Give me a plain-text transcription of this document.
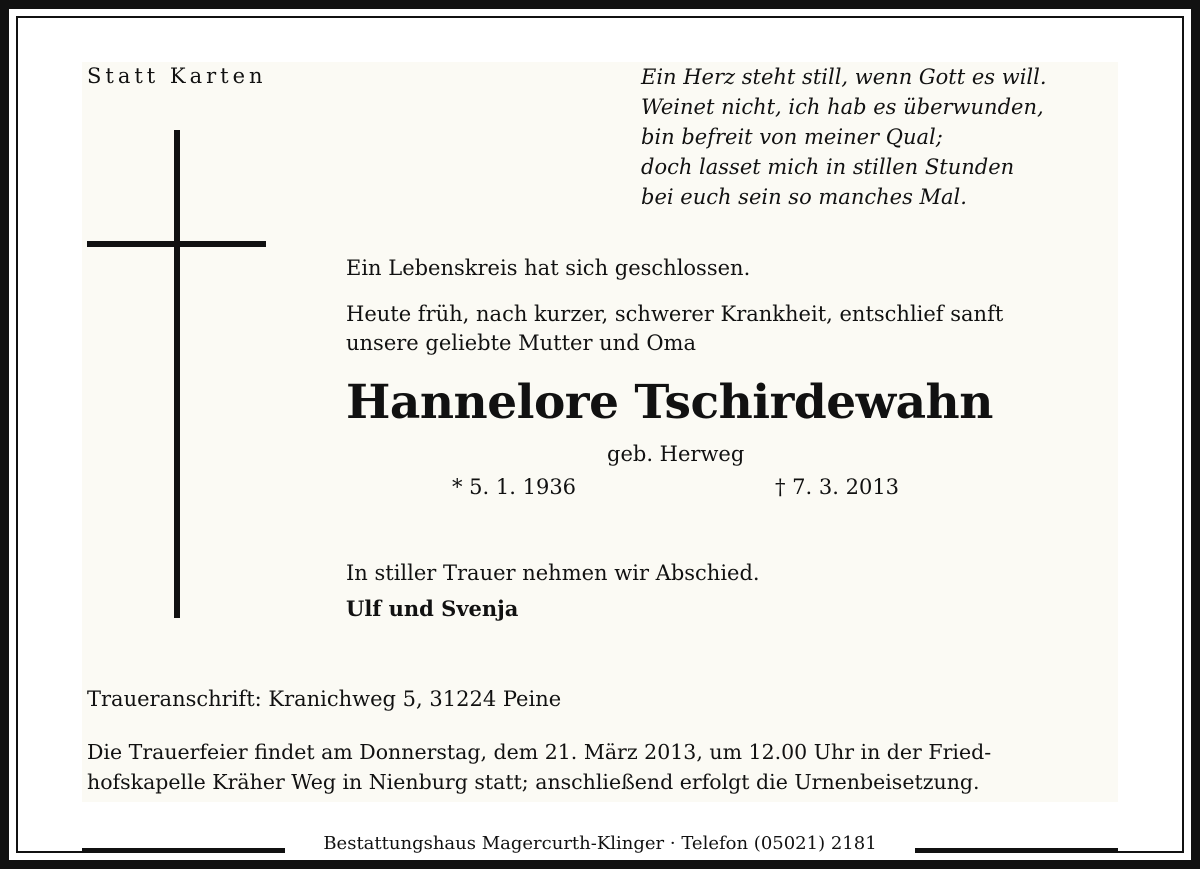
Statt Karten	Ein Herz steht still, wenn Gott es will.
Weinet nicht, ich hab es überwunden,
bin befreit von meiner Qual;
doch lasset mich in stillen Stunden
bei euch sein so manches Mal.
Ein Lebenskreis hat sich geschlossen.
Heute früh, nach kurzer, schwerer Krankheit, entschlief sanft
unsere geliebte Mutter und Oma
Hannelore Tschirdewahn
geb. Herweg
* 5. 1. 1936	† 7. 3. 2013
In stiller Trauer nehmen wir Abschied.
Ulf und Svenja
Traueranschrift: Kranichweg 5, 31224 Peine
Die Trauerfeier findet am Donnerstag, dem 21. März 2013, um 12.00 Uhr in der Fried-
hofskapelle Kräher Weg in Nienburg statt; anschließend erfolgt die Urnenbeisetzung.
Bestattungshaus Magercurth-Klinger · Telefon (05021) 2181
